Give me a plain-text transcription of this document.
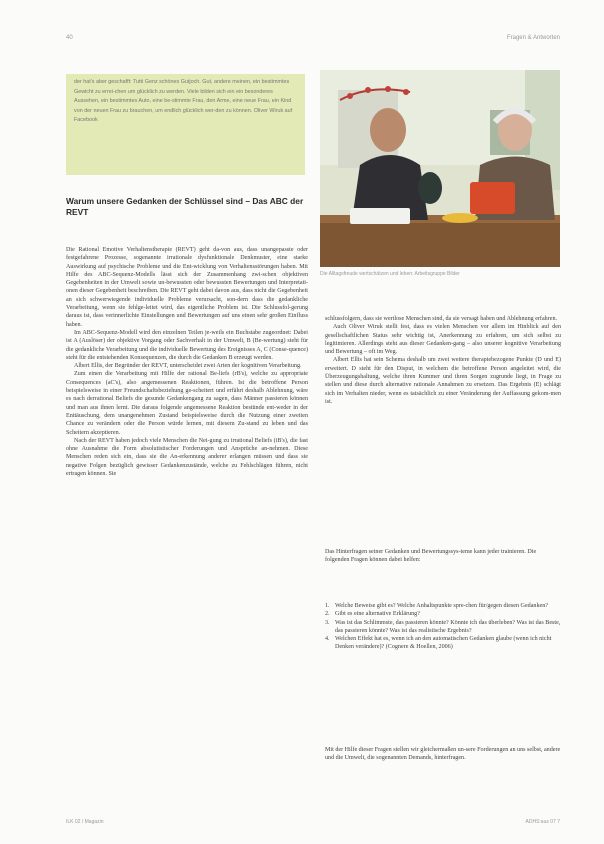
40	Fragen & Antworten
der hat's aber geschafft: Tutti Genz schönes Gutjoch. Gut, andere meinen, ein bestimmtes Gewicht zu errei-chen um glücklich zu werden. Viele bilden sich ein ein besonderes Aussehen, ein bestimmtes Auto, eine be-stimmte Frau, den Arme, eine neue Frau, ein Kind von der neuen Frau zu brauchen, um endlich glücklich wer-den zu können. Oliver Wiruk auf Facebook
Die Alltagsfreude wertschätzen und leben: Arbeitsgruppe Bilder
Warum unsere Gedanken der Schlüssel sind – Das ABC der REVT

Die Rational Emotive Verhaltenstherapie (REVT) geht da-von aus, dass unangepasste oder festgefahrene Prozesse, sogenannte irrationale dysfunktionale Denkmuster, eine starke Auswirkung auf psychische Probleme und die Ent-wicklung von Verhaltensstörungen haben. Mit Hilfe des ABC-Sequenz-Modells lässt sich der Zusammenhang zwi-schen objektiven Gegebenheiten in der Umwelt sowie un-bewussten oder bewussten Bewertungen und Interpretati-onen dieser Gegebenheit beschreiben. Die REVT geht dabei davon aus, dass nicht die Gegebenheit an sich schwerwiegende individuelle Probleme verursacht, son-dern dass die gedankliche Verarbeitung, wenn sie fehlge-leitet wird, das eigentliche Problem ist. Die Schlussfol-gerung daraus ist, dass verinnerlichte Einstellungen und Bewertungen auf uns einen sehr großen Einfluss haben.

Im ABC-Sequenz-Modell wird den einzelnen Teilen je-weils ein Buchstabe zugeordnet: Dabei ist A (Auslöser) der objektive Vorgang oder Sachverhalt in der Umwelt, B (Be-wertung) steht für die gedankliche Verarbeitung und die individuelle Bewertung des Ereignisses A, C (Conse-quence) steht für die entstehenden Konsequenzen, die durch die Gedanken B erzeugt werden.

Albert Ellis, der Begründer der REVT, unterscheidet zwei Arten der kognitiven Verarbeitung.

Zum einen die Verarbeitung mit Hilfe der rational Be-liefs (rB's), welche zu appropriate Consequences (aC's), also angemessenen Reaktionen, führen. Ist die betroffene Person beispielsweise in einer Freundschaftsbeziehung ge-scheitert und erfährt deshalb Ablehnung, wäre es nach derrational Beliefs die gesunde Gedankengang zu sagen, dass Männer passieren können und man aus ihnen lernt. Die daraus folgende angemessene Reaktion bestünde ent-weder in der Enttäuschung, dem unangenehmen Zustand beispielsweise durch die Nutzung einer zweiten Chance zu verändern oder die Person würde lernen, mit diesem Zu-stand zu leben und das Scheitern akzeptieren.

Nach der REVT haben jedoch viele Menschen die Nei-gung zu irrational Beliefs (iB's), die fast ohne Ausnahme die Form absolutistischer Forderungen und Ansprüche an-nehmen. Diese Menschen reden sich ein, dass sie die An-erkennung anderer erlangen müssen und dass sie negative Folgen bezüglich gewisser Gedankenzustände, welche zu Fehlschlägen führen, nicht ertragen können. Sie

schlussfolgern, dass sie wertlose Menschen sind, da sie versagt haben und Ablehnung erfahren.

Auch Oliver Wiruk stellt fest, dass es vielen Menschen vor allem im Hinblick auf den gesellschaftlichen Status sehr wichtig ist, Anerkennung zu erfahren, um sich selbst zu legitimieren. Allerdings steht aus dieser Gedanken-gang – also unserer kognitive Verarbeitung und Bewertung – oft im Weg.

Albert Ellis hat sein Schema deshalb um zwei weitere therapiebezogene Punkte (D und E) erweitert. D steht für den Disput, in welchem die betroffene Person angeleitet wird, die Überzeugungshaltung, welche ihren Kummer und ihren Sorgen zugrunde liegt, in Frage zu stellen und diese durch alternative rationale Annahmen zu ersetzen. Das Ergebnis (E) schlägt sich im Verhalten nieder, wenn es tatsächlich zu einer Veränderung der Auffassung gekom-men ist.

Das Hinterfragen seiner Gedanken und Bewertungssys-teme kann jeder trainieren. Die folgenden Fragen können dabei helfen:
1. Welche Beweise gibt es? Welche Anhaltspunkte spre-chen für/gegen diesen Gedanken?
2. Gibt es eine alternative Erklärung?
3. Was ist das Schlimmste, das passieren könnte? Könnte ich das überleben? Was ist das Beste, das passieren könnte? Was ist das realistische Ergebnis?
4. Welchen Effekt hat es, wenn ich an den automatischen Gedanken glaube (wenn ich nicht Denken verändere)? (Cognere & Hoellen, 2006)
Mit der Hilfe dieser Fragen stellen wir gleichermaßen un-sere Forderungen an uns selbst, andere und die Umwelt, die sogenannten Demands, hinterfragen.
ILK 02 / Magazin	ADHS:aus 07 7
